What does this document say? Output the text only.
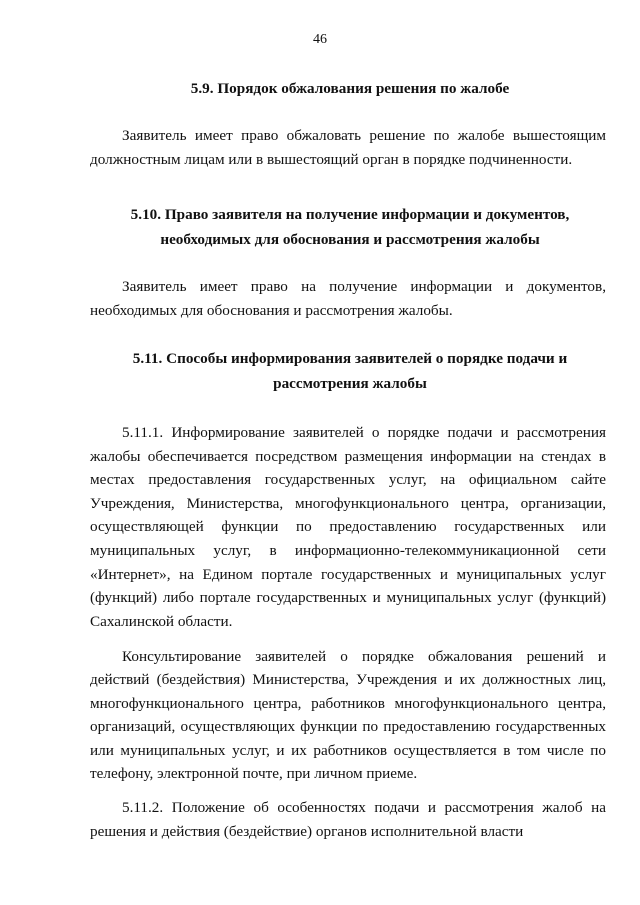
46
5.9. Порядок обжалования решения по жалобе
Заявитель имеет право обжаловать решение по жалобе вышестоящим должностным лицам или в вышестоящий орган в порядке подчиненности.
5.10. Право заявителя на получение информации и документов, необходимых для обоснования и рассмотрения жалобы
Заявитель имеет право на получение информации и документов, необходимых для обоснования и рассмотрения жалобы.
5.11. Способы информирования заявителей о порядке подачи и рассмотрения жалобы
5.11.1. Информирование заявителей о порядке подачи и рассмотрения жалобы обеспечивается посредством размещения информации на стендах в местах предоставления государственных услуг, на официальном сайте Учреждения, Министерства, многофункционального центра, организации, осуществляющей функции по предоставлению государственных или муниципальных услуг, в информационно-телекоммуникационной сети «Интернет», на Едином портале государственных и муниципальных услуг (функций) либо портале государственных и муниципальных услуг (функций) Сахалинской области.
Консультирование заявителей о порядке обжалования решений и действий (бездействия) Министерства, Учреждения и их должностных лиц, многофункционального центра, работников многофункционального центра, организаций, осуществляющих функции по предоставлению государственных или муниципальных услуг, и их работников осуществляется в том числе по телефону, электронной почте, при личном приеме.
5.11.2. Положение об особенностях подачи и рассмотрения жалоб на решения и действия (бездействие) органов исполнительной власти
